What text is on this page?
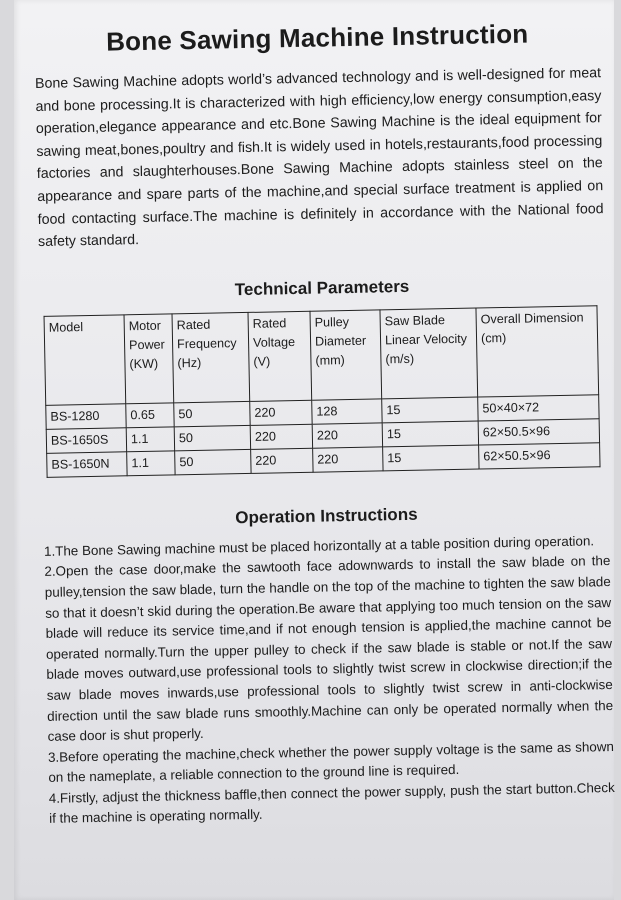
Bone Sawing Machine Instruction

Bone Sawing Machine adopts world’s advanced technology and is well-designed for meat and bone processing.It is characterized with high efficiency,low energy consumption,easy operation,elegance appearance and etc.Bone Sawing Machine is the ideal equipment for sawing meat,bones,poultry and fish.It is widely used in hotels,restaurants,food processing factories and slaughterhouses.Bone Sawing Machine adopts stainless steel on the appearance and spare parts of the machine,and special surface treatment is applied on food contacting surface.The machine is definitely in accordance with the National food safety standard.

Technical Parameters
Model	Motor Power (KW)	Rated Frequency (Hz)	Rated Voltage (V)	Pulley Diameter (mm)	Saw Blade Linear Velocity (m/s)	Overall Dimension (cm)
BS-1280	0.65	50	220	128	15	50×40×72
BS-1650S	1.1	50	220	220	15	62×50.5×96
BS-1650N	1.1	50	220	220	15	62×50.5×96
Operation Instructions

1.The Bone Sawing machine must be placed horizontally at a table position during operation.

2.Open the case door,make the sawtooth face adownwards to install the saw blade on the pulley,tension the saw blade, turn the handle on the top of the machine to tighten the saw blade so that it doesn’t skid during the operation.Be aware that applying too much tension on the saw blade will reduce its service time,and if not enough tension is applied,the machine cannot be operated normally.Turn the upper pulley to check if the saw blade is stable or not.If the saw blade moves outward,use professional tools to slightly twist screw in clockwise direction;if the saw blade moves inwards,use professional tools to slightly twist screw in anti-clockwise direction until the saw blade runs smoothly.Machine can only be operated normally when the case door is shut properly.

3.Before operating the machine,check whether the power supply voltage is the same as shown on the nameplate, a reliable connection to the ground line is required.

4.Firstly, adjust the thickness baffle,then connect the power supply, push the start button.Check if the machine is operating normally.
